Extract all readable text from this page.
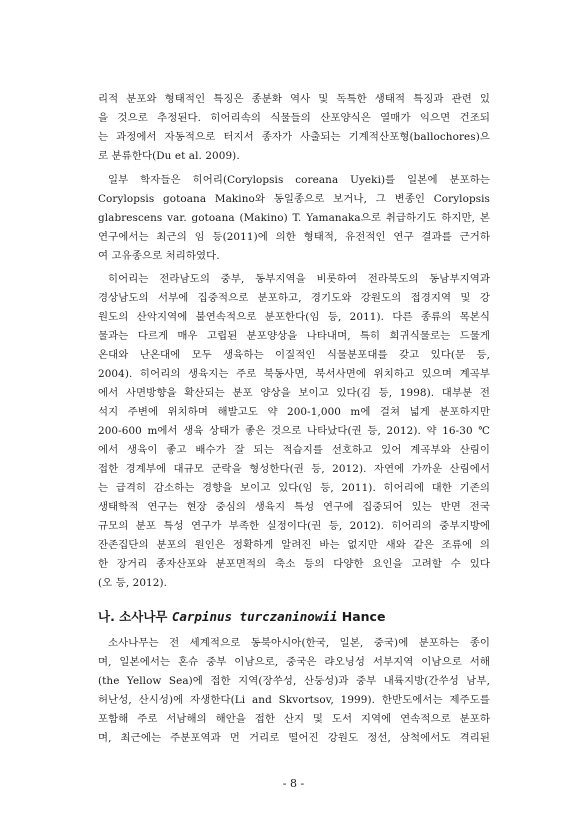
리적 분포와 형태적인 특징은 종분화 역사 및 독특한 생태적 특징과 관련 있
을 것으로 추정된다. 히어리속의 식물들의 산포양식은 열매가 익으면 건조되
는 과정에서 자동적으로 터지서 종자가 사출되는 기계적산포형(ballochores)으
로 분류한다(Du et al. 2009).
일부 학자들은 히어리(Corylopsis coreana Uyeki)를 일본에 분포하는
Corylopsis gotoana Makino와 동일종으로 보거나, 그 변종인 Corylopsis
glabrescens var. gotoana (Makino) T. Yamanaka으로 취급하기도 하지만, 본
연구에서는 최근의 임 등(2011)에 의한 형태적, 유전적인 연구 결과를 근거하
여 고유종으로 처리하였다.
히어리는 전라남도의 중부, 동부지역을 비롯하여 전라북도의 동남부지역과
경상남도의 서부에 집중적으로 분포하고, 경기도와 강원도의 접경지역 및 강
원도의 산악지역에 불연속적으로 분포한다(임 등, 2011). 다른 종류의 목본식
물과는 다르게 매우 고립된 분포양상을 나타내며, 특히 희귀식물로는 드물게
온대와 난온대에 모두 생육하는 이질적인 식물분포대를 갖고 있다(문 등,
2004). 히어리의 생육지는 주로 북동사면, 북서사면에 위치하고 있으며 계곡부
에서 사면방향을 확산되는 분포 양상을 보이고 있다(김 등, 1998). 대부분 전
석지 주변에 위치하며 해발고도 약 200-1,000 m에 걸쳐 넓게 분포하지만
200-600 m에서 생육 상태가 좋은 것으로 나타났다(권 등, 2012). 약 16-30 ℃
에서 생육이 좋고 배수가 잘 되는 적습지를 선호하고 있어 계곡부와 산림이
접한 경계부에 대규모 군락을 형성한다(권 등, 2012). 자연에 가까운 산림에서
는 급격히 감소하는 경향을 보이고 있다(임 등, 2011). 히어리에 대한 기존의
생태학적 연구는 현장 중심의 생육지 특성 연구에 집중되어 있는 반면 전국
규모의 분포 특성 연구가 부족한 실정이다(권 등, 2012). 히어리의 중부지방에
잔존집단의 분포의 원인은 정확하게 알려진 바는 없지만 새와 같은 조류에 의
한 장거리 종자산포와 분포면적의 축소 등의 다양한 요인을 고려할 수 있다
(오 등, 2012).
나. 소사나무 Carpinus turczaninowii Hance
소사나무는 전 세계적으로 동북아시아(한국, 일본, 중국)에 분포하는 종이
며, 일본에서는 혼슈 중부 이남으로, 중국은 랴오닝성 서부지역 이남으로 서해
(the Yellow Sea)에 접한 지역(장쑤성, 산둥성)과 중부 내륙지방(간쑤성 남부,
허난성, 산시성)에 자생한다(Li and Skvortsov, 1999). 한반도에서는 제주도를
포함해 주로 서남해의 해안을 접한 산지 및 도서 지역에 연속적으로 분포하
며, 최근에는 주분포역과 먼 거리로 떨어진 강원도 정선, 삼척에서도 격리된
- 8 -
